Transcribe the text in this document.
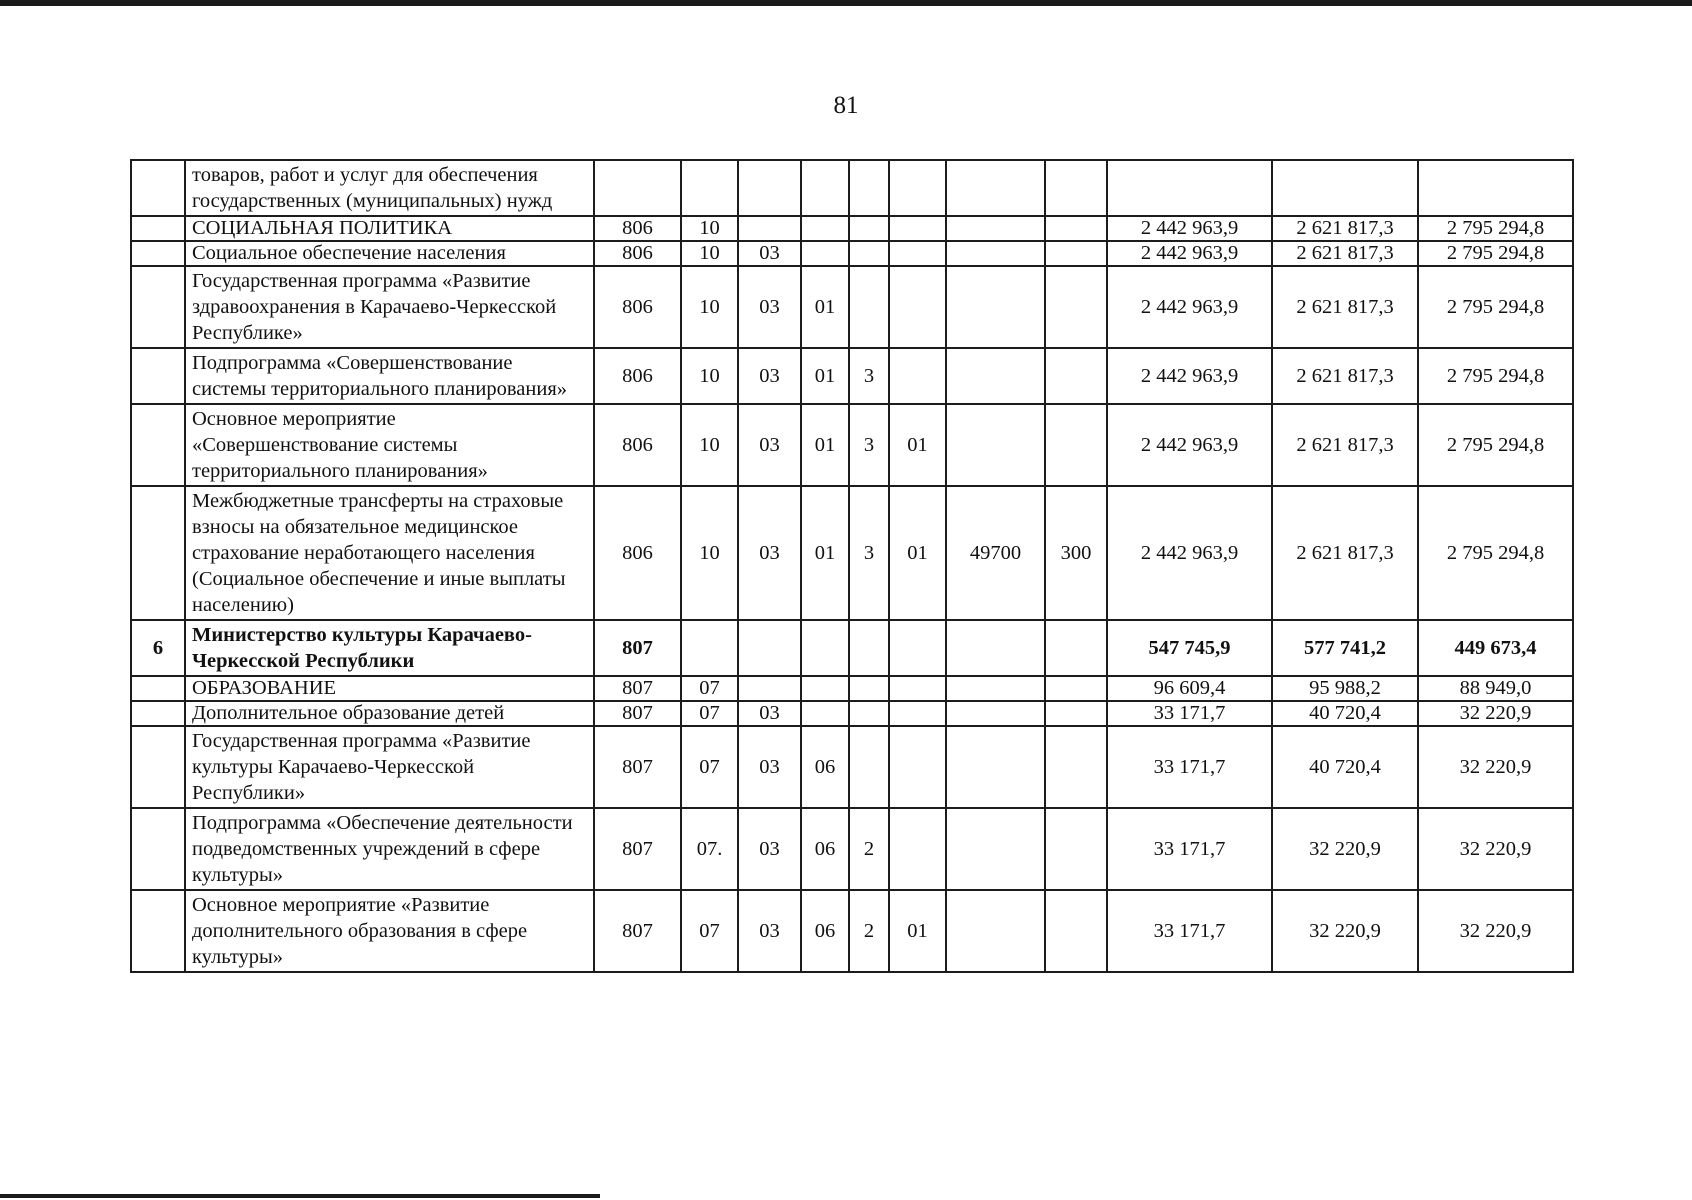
81
	товаров, работ и услуг для обеспечения государственных (муниципальных) нужд											
	СОЦИАЛЬНАЯ ПОЛИТИКА	806	10							2 442 963,9	2 621 817,3	2 795 294,8
	Социальное обеспечение населения	806	10	03						2 442 963,9	2 621 817,3	2 795 294,8
	Государственная программа «Развитие здравоохранения в Карачаево-Черкесской Республике»	806	10	03	01					2 442 963,9	2 621 817,3	2 795 294,8
	Подпрограмма «Совершенствование системы территориального планирования»	806	10	03	01	3				2 442 963,9	2 621 817,3	2 795 294,8
	Основное мероприятие «Совершенствование системы территориального планирования»	806	10	03	01	3	01			2 442 963,9	2 621 817,3	2 795 294,8
	Межбюджетные трансферты на страховые взносы на обязательное медицинское страхование неработающего населения (Социальное обеспечение и иные выплаты населению)	806	10	03	01	3	01	49700	300	2 442 963,9	2 621 817,3	2 795 294,8
6	Министерство культуры Карачаево-Черкесской Республики	807								547 745,9	577 741,2	449 673,4
	ОБРАЗОВАНИЕ	807	07							96 609,4	95 988,2	88 949,0
	Дополнительное образование детей	807	07	03						33 171,7	40 720,4	32 220,9
	Государственная программа «Развитие культуры Карачаево-Черкесской Республики»	807	07	03	06					33 171,7	40 720,4	32 220,9
	Подпрограмма «Обеспечение деятельности подведомственных учреждений в сфере культуры»	807	07.	03	06	2				33 171,7	32 220,9	32 220,9
	Основное мероприятие «Развитие дополнительного образования в сфере культуры»	807	07	03	06	2	01			33 171,7	32 220,9	32 220,9
